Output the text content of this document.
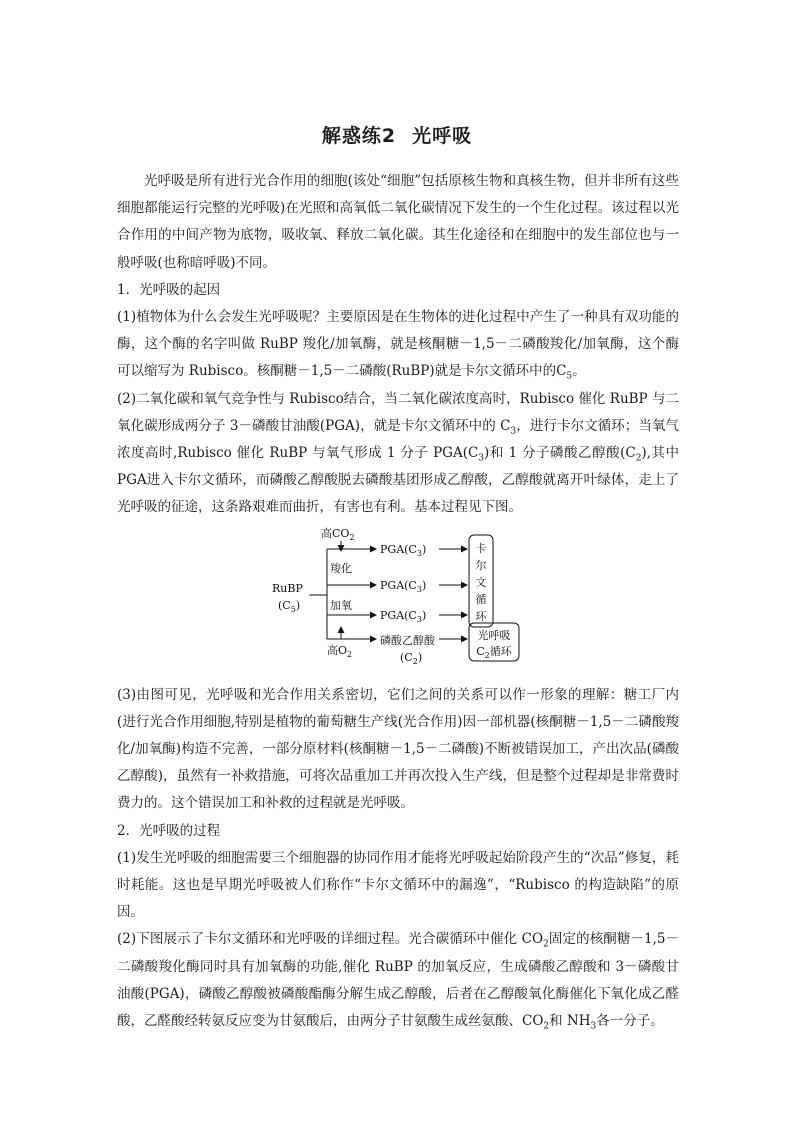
解惑练2 光呼吸

光呼吸是所有进行光合作用的细胞(该处“细胞”包括原核生物和真核生物，但并非所有这些细胞都能运行完整的光呼吸)在光照和高氧低二氧化碳情况下发生的一个生化过程。该过程以光合作用的中间产物为底物，吸收氧、释放二氧化碳。其生化途径和在细胞中的发生部位也与一般呼吸(也称暗呼吸)不同。

1．光呼吸的起因

(1)植物体为什么会发生光呼吸呢？主要原因是在生物体的进化过程中产生了一种具有双功能的酶，这个酶的名字叫做 RuBP 羧化/加氧酶，就是核酮糖－1,5－二磷酸羧化/加氧酶，这个酶可以缩写为 Rubisco。核酮糖－1,5－二磷酸(RuBP)就是卡尔文循环中的$C_5$。

(2)二氧化碳和氧气竞争性与 Rubisco结合，当二氧化碳浓度高时，Rubisco 催化 RuBP 与二氧化碳形成两分子 3－磷酸甘油酸(PGA)，就是卡尔文循环中的 $C_3$，进行卡尔文循环；当氧气浓度高时,Rubisco 催化 RuBP 与氧气形成 1 分子 $PGA(C_3)$和 1 分子磷酸乙醇酸$(C_2)$,其中 PGA进入卡尔文循环，而磷酸乙醇酸脱去磷酸基团形成乙醇酸，乙醇酸就离开叶绿体，走上了光呼吸的征途，这条路艰难而曲折，有害也有利。基本过程见下图。

RuBP
$(C_5)$
高$CO_2$
羧化
加氧
高$O_2$
$PGA(C_3)$
$PGA(C_3)$
$PGA(C_3)$
卡
尔
文
循
环
磷酸乙醇酸
$(C_2)$
光呼吸
$C_2$循环

(3)由图可见，光呼吸和光合作用关系密切，它们之间的关系可以作一形象的理解：糖工厂内(进行光合作用细胞,特别是植物的葡萄糖生产线(光合作用)因一部机器(核酮糖－1,5－二磷酸羧化/加氧酶)构造不完善，一部分原材料(核酮糖－1,5－二磷酸)不断被错误加工，产出次品(磷酸乙醇酸)，虽然有一补救措施，可将次品重加工并再次投入生产线，但是整个过程却是非常费时费力的。这个错误加工和补救的过程就是光呼吸。

2．光呼吸的过程

(1)发生光呼吸的细胞需要三个细胞器的协同作用才能将光呼吸起始阶段产生的“次品”修复，耗时耗能。这也是早期光呼吸被人们称作“卡尔文循环中的漏逸”，“Rubisco 的构造缺陷”的原因。

(2)下图展示了卡尔文循环和光呼吸的详细过程。光合碳循环中催化 $CO_2$固定的核酮糖－1,5－二磷酸羧化酶同时具有加氧酶的功能,催化 RuBP 的加氧反应，生成磷酸乙醇酸和 3－磷酸甘油酸(PGA)，磷酸乙醇酸被磷酸酯酶分解生成乙醇酸，后者在乙醇酸氧化酶催化下氧化成乙醛酸，乙醛酸经转氨反应变为甘氨酸后，由两分子甘氨酸生成丝氨酸、$CO_2$和 $NH_3$各一分子。
